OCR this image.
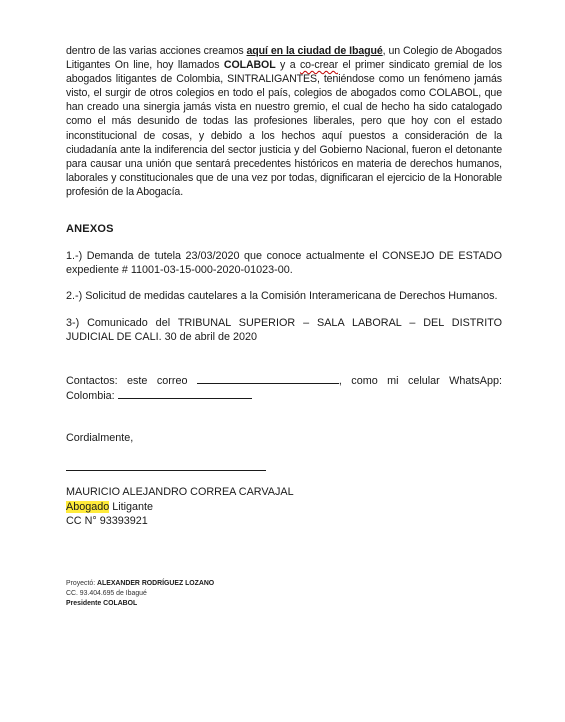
dentro de las varias acciones creamos aquí en la ciudad de Ibagué, un Colegio de Abogados Litigantes On line, hoy llamados COLABOL y a co-crear el primer sindicato gremial de los abogados litigantes de Colombia, SINTRALIGANTES, teniéndose como un fenómeno jamás visto, el surgir de otros colegios en todo el país, colegios de abogados como COLABOL, que han creado una sinergia jamás vista en nuestro gremio, el cual de hecho ha sido catalogado como el más desunido de todas las profesiones liberales, pero que hoy con el estado inconstitucional de cosas, y debido a los hechos aquí puestos a consideración de la ciudadanía ante la indiferencia del sector justicia y del Gobierno Nacional, fueron el detonante para causar una unión que sentará precedentes históricos en materia de derechos humanos, laborales y constitucionales que de una vez por todas, dignificaran el ejercicio de la Honorable profesión de la Abogacía.

ANEXOS

1.-) Demanda de tutela 23/03/2020 que conoce actualmente el CONSEJO DE ESTADO expediente # 11001-03-15-000-2020-01023-00.

2.-) Solicitud de medidas cautelares a la Comisión Interamericana de Derechos Humanos.

3-) Comunicado del TRIBUNAL SUPERIOR – SALA LABORAL – DEL DISTRITO JUDICIAL DE CALI. 30 de abril de 2020

Contactos: este correo	, como mi celular WhatsApp: Colombia:

Cordialmente,

MAURICIO ALEJANDRO CORREA CARVAJAL
Abogado Litigante
CC N° 93393921
Proyectó: ALEXANDER RODRÍGUEZ LOZANO
CC. 93.404.695 de Ibagué
Presidente COLABOL
